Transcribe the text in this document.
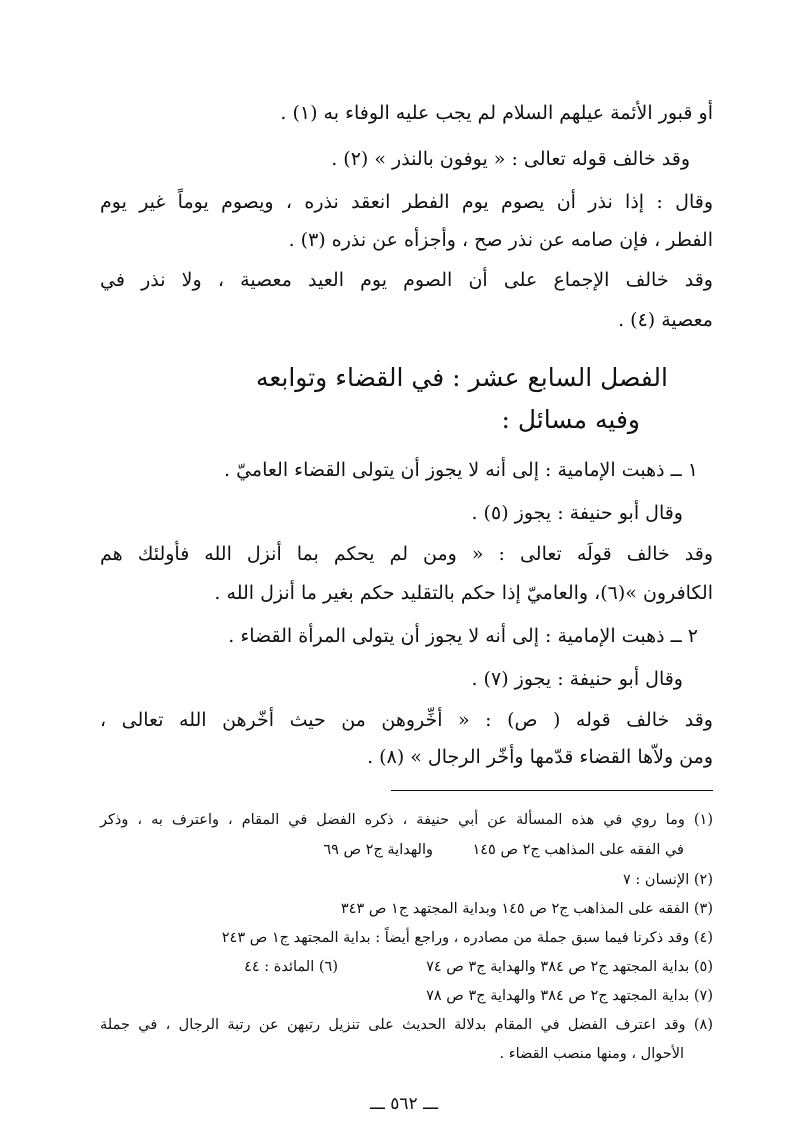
أو قبور الأئمة عيلهم السلام لم يجب عليه الوفاء به (١) .
وقد خالف قوله تعالى : « يوفون بالنذر » (٢) .
وقال : إذا نذر أن يصوم يوم الفطر انعقد نذره ، ويصوم يوماً غير يوم
الفطر ، فإن صامه عن نذر صح ، وأجزأه عن نذره (٣) .
وقد خالف الإجماع على أن الصوم يوم العيد معصية ، ولا نذر في
معصية (٤) .
الفصل السابع عشر : في القضاء وتوابعه
وفيه مسائل :
١ ــ ذهبت الإمامية : إلى أنه لا يجوز أن يتولى القضاء العاميّ .
وقال أبو حنيفة : يجوز (٥) .
وقد خالف قولَه تعالى : « ومن لم يحكم بما أنزل الله فأولئك هم
الكافرون »(٦)، والعاميّ إذا حكم بالتقليد حكم بغير ما أنزل الله .
٢ ــ ذهبت الإمامية : إلى أنه لا يجوز أن يتولى المرأة القضاء .
وقال أبو حنيفة : يجوز (٧) .
وقد خالف قوله ( ص) : « أخِّروهن من حيث أخّرهن الله تعالى ،
ومن ولاّها القضاء قدّمها وأخّر الرجال » (٨) .
(١) وما روي في هذه المسألة عن أبي حنيفة ، ذكره الفضل في المقام ، واعترف به ، وذكر
في الفقه على المذاهب ج٢ ص ١٤٥
والهداية ج٢ ص ٦٩
(٢) الإنسان : ٧
(٣) الفقه على المذاهب ج٢ ص ١٤٥ وبداية المجتهد ج١ ص ٣٤٣
(٤) وقد ذكرنا فيما سبق جملة من مصادره ، وراجع أيضاً : بداية المجتهد ج١ ص ٢٤٣
(٥) بداية المجتهد ج٢ ص ٣٨٤ والهداية ج٣ ص ٧٤
(٦) المائدة : ٤٤
(٧) بداية المجتهد ج٢ ص ٣٨٤ والهداية ج٣ ص ٧٨
(٨) وقد اعترف الفضل في المقام بدلالة الحديث على تنزيل رتبهن عن رتبة الرجال ، في جملة
الأحوال ، ومنها منصب القضاء .
ـــ ٥٦٢ ـــ
